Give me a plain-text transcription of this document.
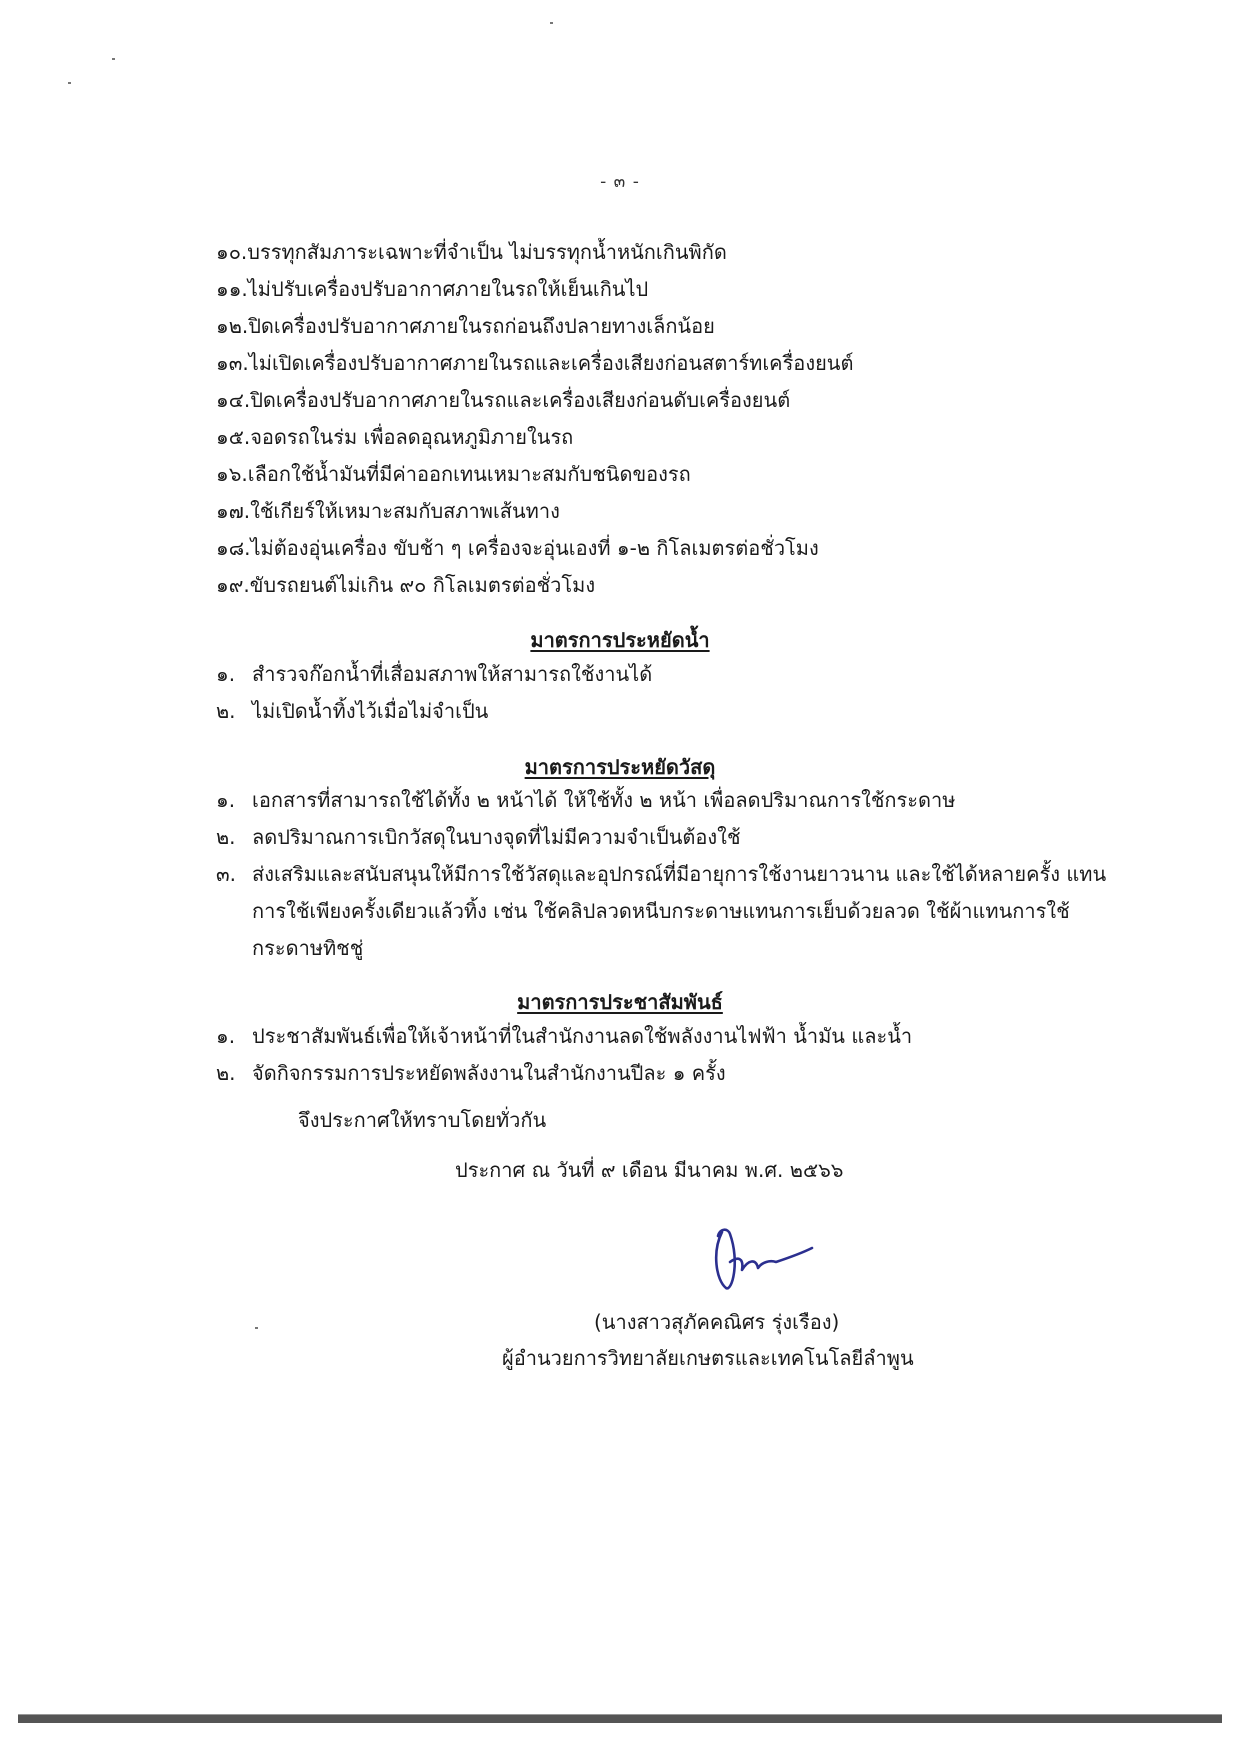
- ๓ -
๑๐.บรรทุกสัมภาระเฉพาะที่จำเป็น ไม่บรรทุกน้ำหนักเกินพิกัด
๑๑.ไม่ปรับเครื่องปรับอากาศภายในรถให้เย็นเกินไป
๑๒.ปิดเครื่องปรับอากาศภายในรถก่อนถึงปลายทางเล็กน้อย
๑๓.ไม่เปิดเครื่องปรับอากาศภายในรถและเครื่องเสียงก่อนสตาร์ทเครื่องยนต์
๑๔.ปิดเครื่องปรับอากาศภายในรถและเครื่องเสียงก่อนดับเครื่องยนต์
๑๕.จอดรถในร่ม เพื่อลดอุณหภูมิภายในรถ
๑๖.เลือกใช้น้ำมันที่มีค่าออกเทนเหมาะสมกับชนิดของรถ
๑๗.ใช้เกียร์ให้เหมาะสมกับสภาพเส้นทาง
๑๘.ไม่ต้องอุ่นเครื่อง ขับช้า ๆ เครื่องจะอุ่นเองที่ ๑-๒ กิโลเมตรต่อชั่วโมง
๑๙.ขับรถยนต์ไม่เกิน ๙๐ กิโลเมตรต่อชั่วโมง
มาตรการประหยัดน้ำ
๑. สำรวจก๊อกน้ำที่เสื่อมสภาพให้สามารถใช้งานได้
๒. ไม่เปิดน้ำทิ้งไว้เมื่อไม่จำเป็น
มาตรการประหยัดวัสดุ
๑. เอกสารที่สามารถใช้ได้ทั้ง ๒ หน้าได้ ให้ใช้ทั้ง ๒ หน้า เพื่อลดปริมาณการใช้กระดาษ
๒. ลดปริมาณการเบิกวัสดุในบางจุดที่ไม่มีความจำเป็นต้องใช้
๓. ส่งเสริมและสนับสนุนให้มีการใช้วัสดุและอุปกรณ์ที่มีอายุการใช้งานยาวนาน และใช้ได้หลายครั้ง แทนการใช้เพียงครั้งเดียวแล้วทิ้ง เช่น ใช้คลิปลวดหนีบกระดาษแทนการเย็บด้วยลวด ใช้ผ้าแทนการใช้กระดาษทิชชู่
มาตรการประชาสัมพันธ์
๑. ประชาสัมพันธ์เพื่อให้เจ้าหน้าที่ในสำนักงานลดใช้พลังงานไฟฟ้า น้ำมัน และน้ำ
๒. จัดกิจกรรมการประหยัดพลังงานในสำนักงานปีละ ๑ ครั้ง
จึงประกาศให้ทราบโดยทั่วกัน
ประกาศ ณ วันที่ ๙ เดือน มีนาคม พ.ศ. ๒๕๖๖
(นางสาวสุภัคคณิศร รุ่งเรือง)
ผู้อำนวยการวิทยาลัยเกษตรและเทคโนโลยีลำพูน
